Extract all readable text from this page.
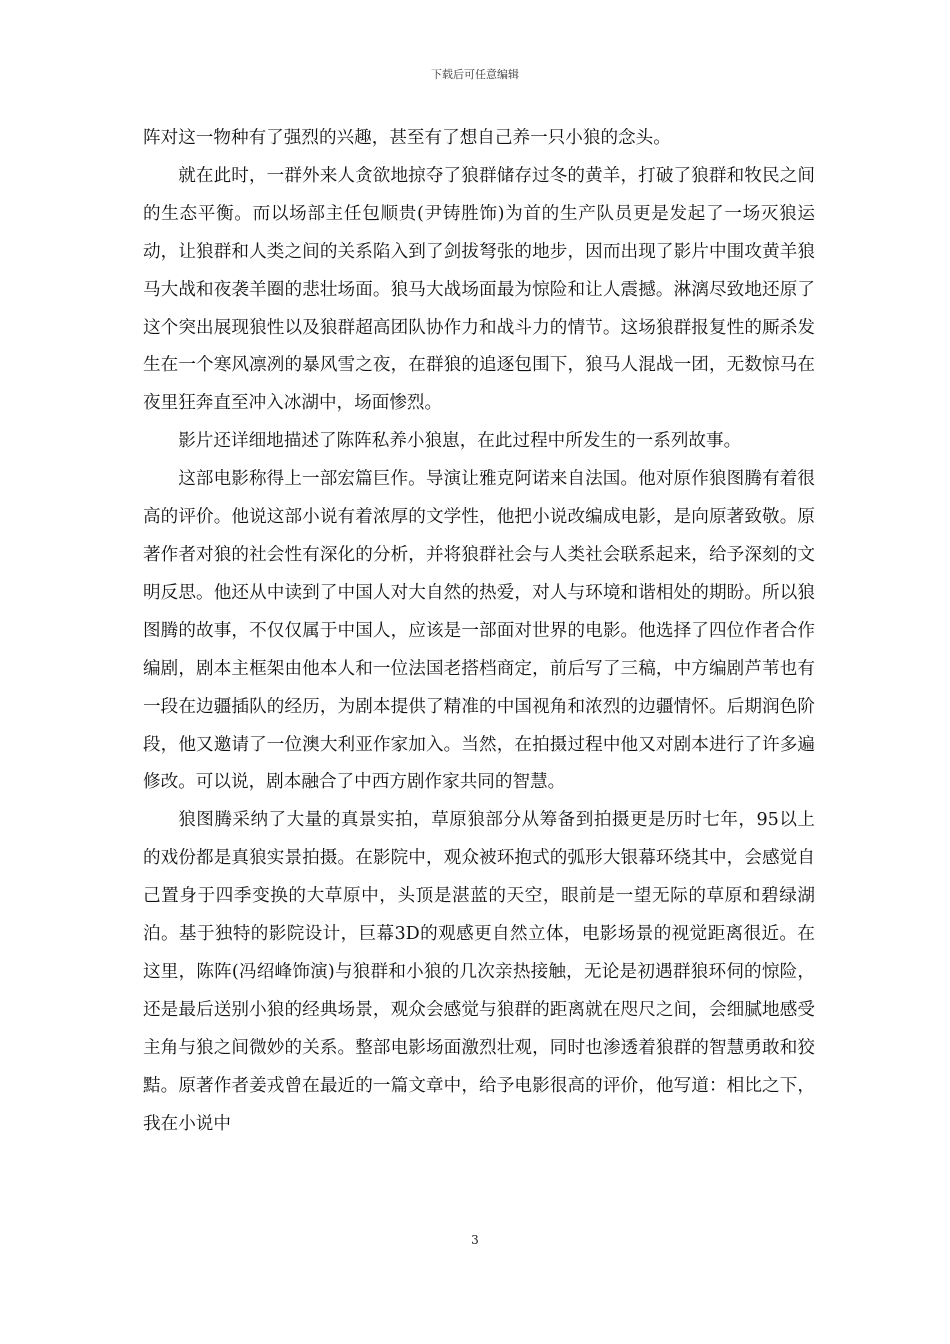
下载后可任意编辑

阵对这一物种有了强烈的兴趣，甚至有了想自己养一只小狼的念头。

就在此时，一群外来人贪欲地掠夺了狼群储存过冬的黄羊，打破了狼群和牧民之间的生态平衡。而以场部主任包顺贵(尹铸胜饰)为首的生产队员更是发起了一场灭狼运动，让狼群和人类之间的关系陷入到了剑拔弩张的地步，因而出现了影片中围攻黄羊狼马大战和夜袭羊圈的悲壮场面。狼马大战场面最为惊险和让人震撼。淋漓尽致地还原了这个突出展现狼性以及狼群超高团队协作力和战斗力的情节。这场狼群报复性的厮杀发生在一个寒风凛冽的暴风雪之夜，在群狼的追逐包围下，狼马人混战一团，无数惊马在夜里狂奔直至冲入冰湖中，场面惨烈。

影片还详细地描述了陈阵私养小狼崽，在此过程中所发生的一系列故事。

这部电影称得上一部宏篇巨作。导演让雅克阿诺来自法国。他对原作狼图腾有着很高的评价。他说这部小说有着浓厚的文学性，他把小说改编成电影，是向原著致敬。原著作者对狼的社会性有深化的分析，并将狼群社会与人类社会联系起来，给予深刻的文明反思。他还从中读到了中国人对大自然的热爱，对人与环境和谐相处的期盼。所以狼图腾的故事，不仅仅属于中国人，应该是一部面对世界的电影。他选择了四位作者合作编剧，剧本主框架由他本人和一位法国老搭档商定，前后写了三稿，中方编剧芦苇也有一段在边疆插队的经历，为剧本提供了精准的中国视角和浓烈的边疆情怀。后期润色阶段，他又邀请了一位澳大利亚作家加入。当然，在拍摄过程中他又对剧本进行了许多遍修改。可以说，剧本融合了中西方剧作家共同的智慧。

狼图腾采纳了大量的真景实拍，草原狼部分从筹备到拍摄更是历时七年，95以上的戏份都是真狼实景拍摄。在影院中，观众被环抱式的弧形大银幕环绕其中，会感觉自己置身于四季变换的大草原中，头顶是湛蓝的天空，眼前是一望无际的草原和碧绿湖泊。基于独特的影院设计，巨幕3D的观感更自然立体，电影场景的视觉距离很近。在这里，陈阵(冯绍峰饰演)与狼群和小狼的几次亲热接触，无论是初遇群狼环伺的惊险，还是最后送别小狼的经典场景，观众会感觉与狼群的距离就在咫尺之间，会细腻地感受主角与狼之间微妙的关系。整部电影场面激烈壮观，同时也渗透着狼群的智慧勇敢和狡黠。原著作者姜戎曾在最近的一篇文章中，给予电影很高的评价，他写道：相比之下，我在小说中

3
